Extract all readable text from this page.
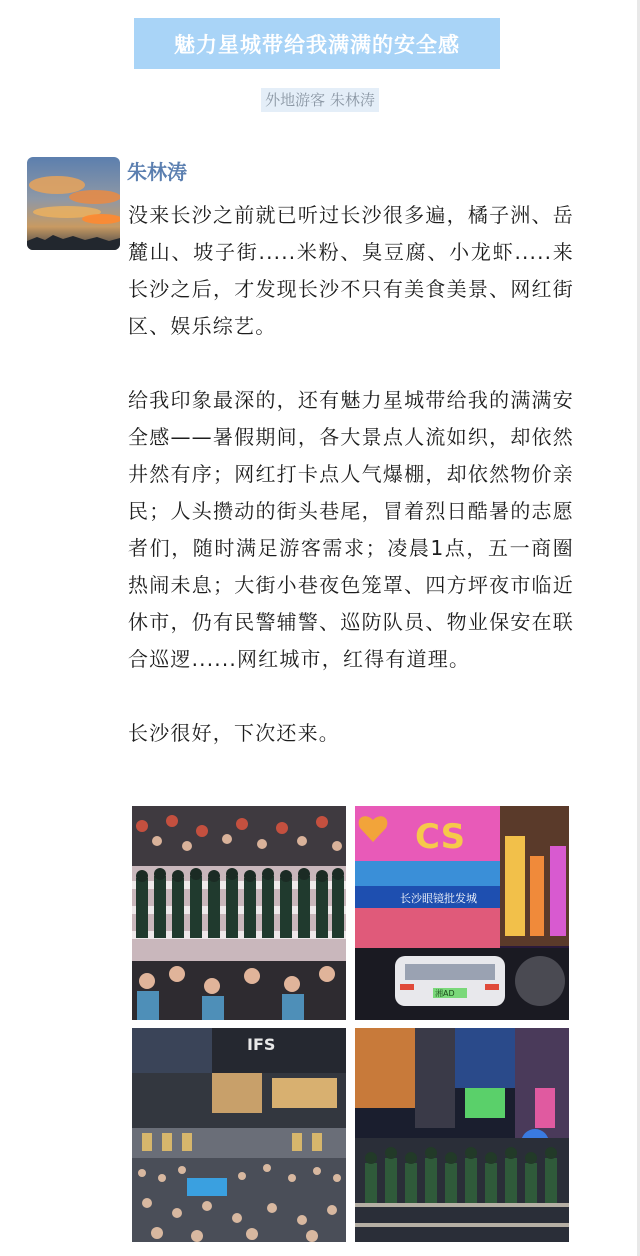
魅力星城带给我满满的安全感
外地游客 朱林涛
朱林涛

没来长沙之前就已听过长沙很多遍，橘子洲、岳麓山、坡子街.....米粉、臭豆腐、小龙虾.....来长沙之后，才发现长沙不只有美食美景、网红街区、娱乐综艺。

给我印象最深的，还有魅力星城带给我的满满安全感——暑假期间，各大景点人流如织，却依然井然有序；网红打卡点人气爆棚，却依然物价亲民；人头攒动的街头巷尾，冒着烈日酷暑的志愿者们，随时满足游客需求；凌晨1点，五一商圈热闹未息；大街小巷夜色笼罩、四方坪夜市临近休市，仍有民警辅警、巡防队员、物业保安在联合巡逻......网红城市，红得有道理。

长沙很好，下次还来。

CS
长沙眼镜批发城
湘AD
IFS
